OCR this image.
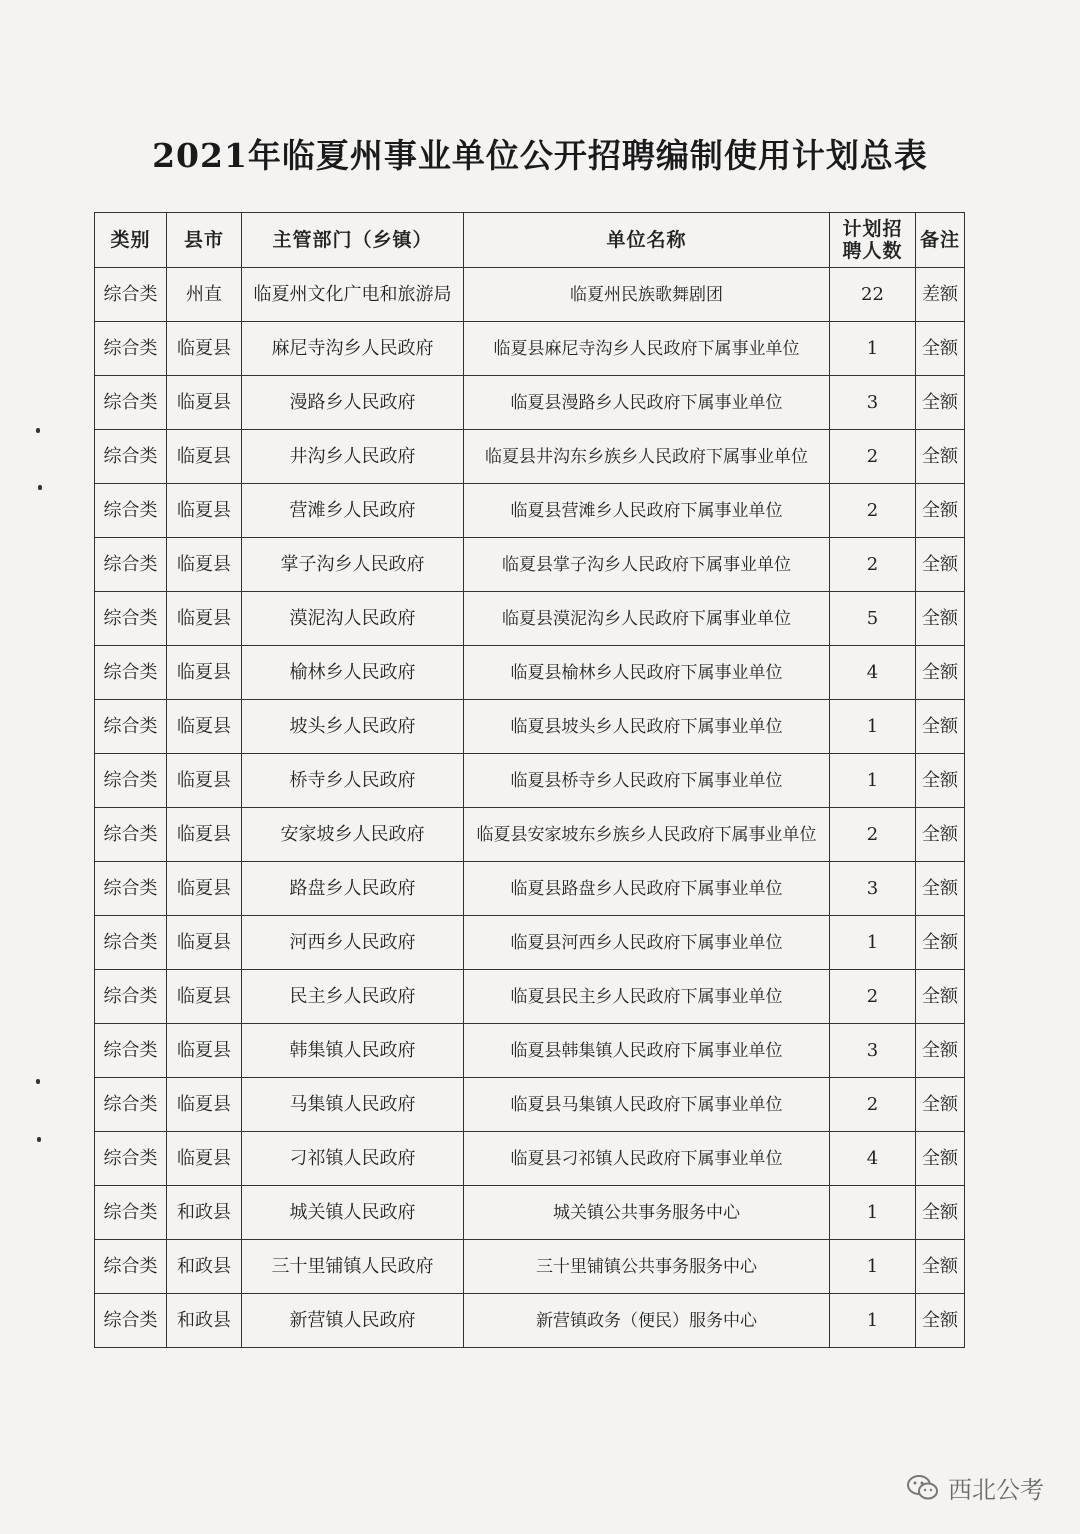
2021年临夏州事业单位公开招聘编制使用计划总表
类别	县市	主管部门（乡镇）	单位名称	计划招聘人数	备注
综合类	州直	临夏州文化广电和旅游局	临夏州民族歌舞剧团	22	差额
综合类	临夏县	麻尼寺沟乡人民政府	临夏县麻尼寺沟乡人民政府下属事业单位	1	全额
综合类	临夏县	漫路乡人民政府	临夏县漫路乡人民政府下属事业单位	3	全额
综合类	临夏县	井沟乡人民政府	临夏县井沟东乡族乡人民政府下属事业单位	2	全额
综合类	临夏县	营滩乡人民政府	临夏县营滩乡人民政府下属事业单位	2	全额
综合类	临夏县	掌子沟乡人民政府	临夏县掌子沟乡人民政府下属事业单位	2	全额
综合类	临夏县	漠泥沟人民政府	临夏县漠泥沟乡人民政府下属事业单位	5	全额
综合类	临夏县	榆林乡人民政府	临夏县榆林乡人民政府下属事业单位	4	全额
综合类	临夏县	坡头乡人民政府	临夏县坡头乡人民政府下属事业单位	1	全额
综合类	临夏县	桥寺乡人民政府	临夏县桥寺乡人民政府下属事业单位	1	全额
综合类	临夏县	安家坡乡人民政府	临夏县安家坡东乡族乡人民政府下属事业单位	2	全额
综合类	临夏县	路盘乡人民政府	临夏县路盘乡人民政府下属事业单位	3	全额
综合类	临夏县	河西乡人民政府	临夏县河西乡人民政府下属事业单位	1	全额
综合类	临夏县	民主乡人民政府	临夏县民主乡人民政府下属事业单位	2	全额
综合类	临夏县	韩集镇人民政府	临夏县韩集镇人民政府下属事业单位	3	全额
综合类	临夏县	马集镇人民政府	临夏县马集镇人民政府下属事业单位	2	全额
综合类	临夏县	刁祁镇人民政府	临夏县刁祁镇人民政府下属事业单位	4	全额
综合类	和政县	城关镇人民政府	城关镇公共事务服务中心	1	全额
综合类	和政县	三十里铺镇人民政府	三十里铺镇公共事务服务中心	1	全额
综合类	和政县	新营镇人民政府	新营镇政务（便民）服务中心	1	全额
西北公考
